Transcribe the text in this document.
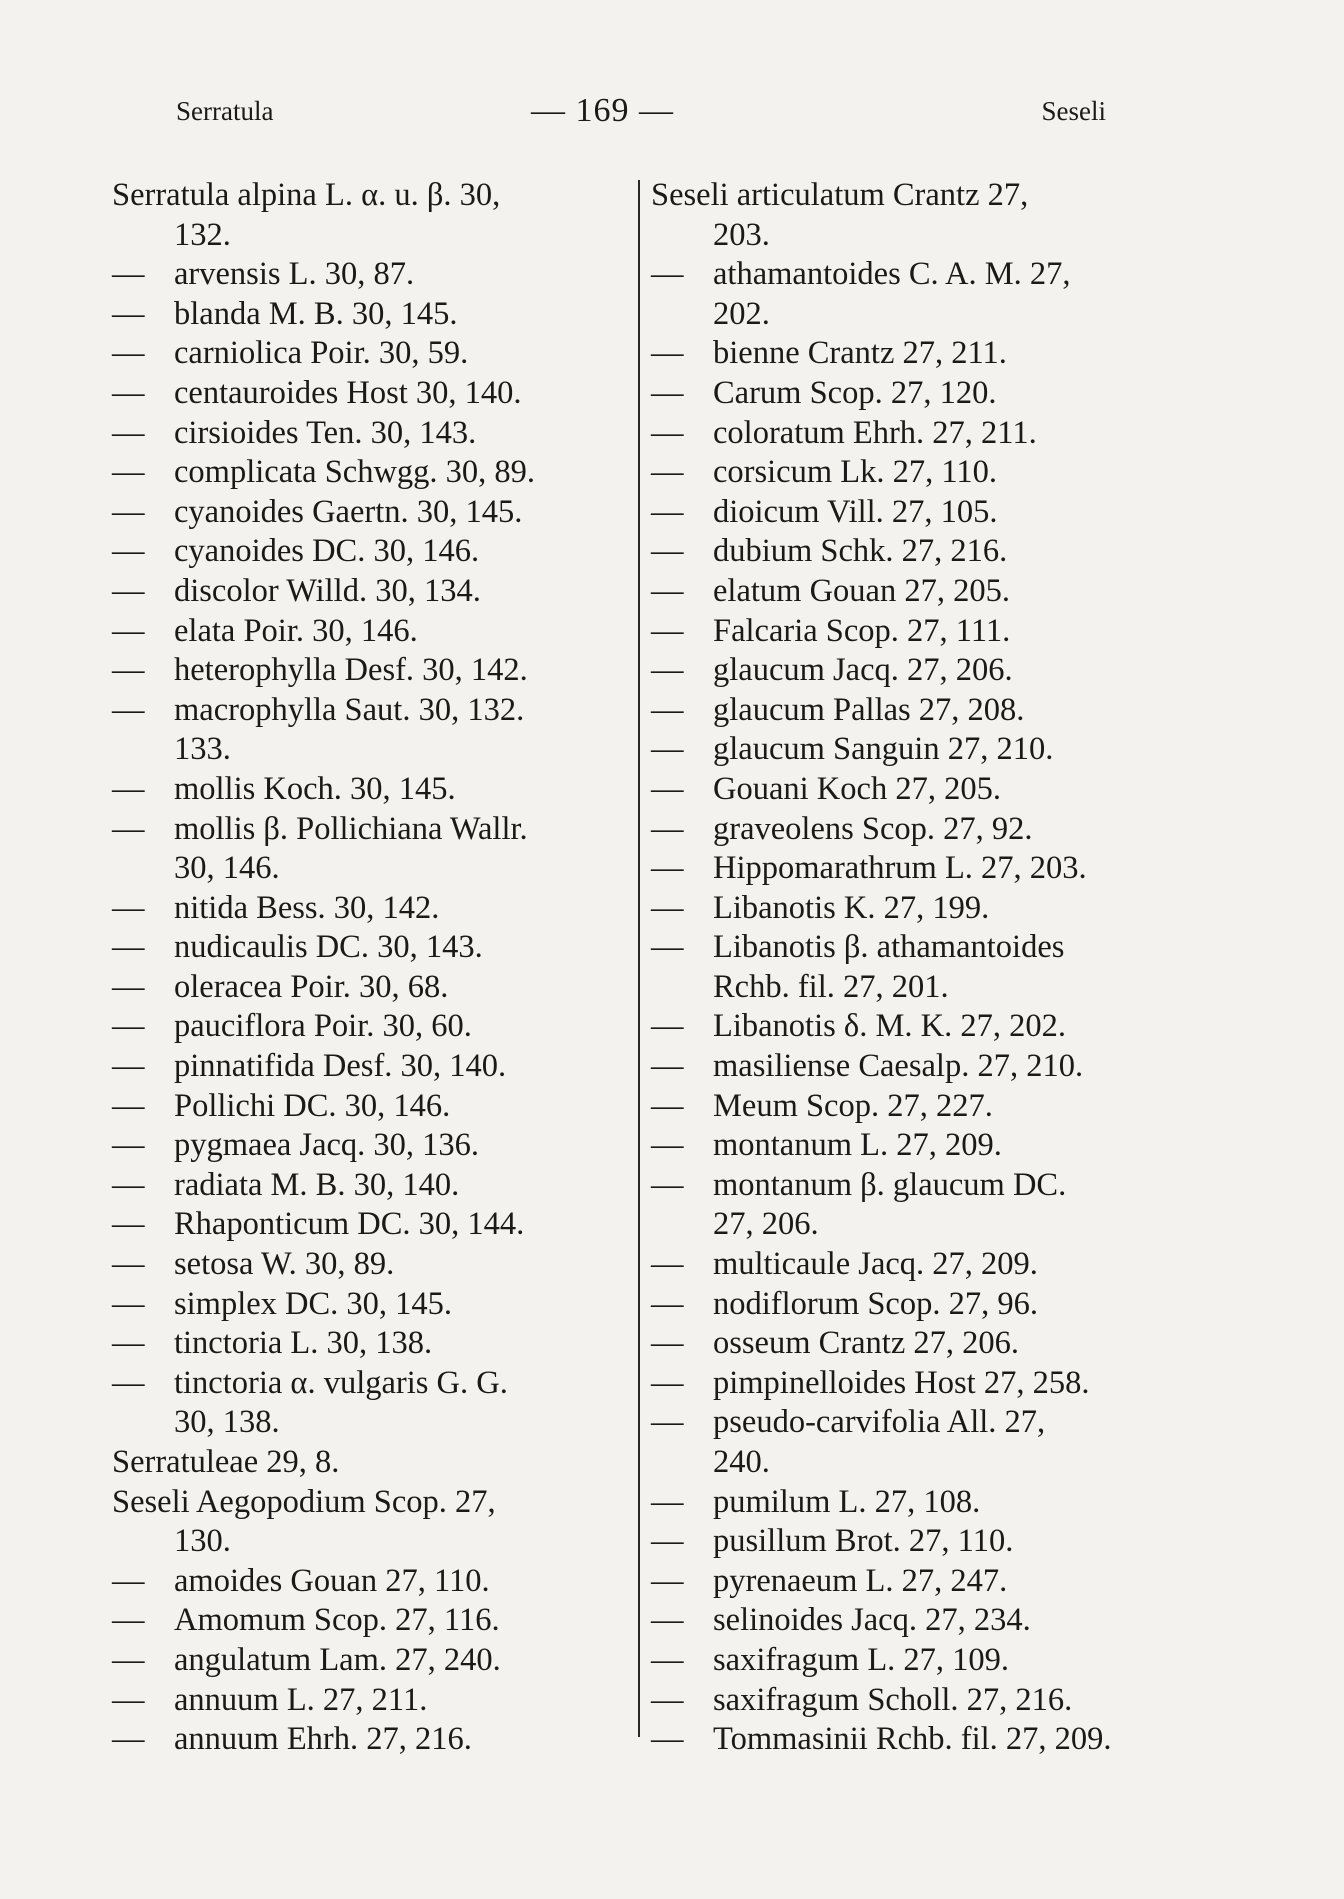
Serratula	— 169 —	Seseli
Serratula alpina L. α. u. β. 30,
132.
— arvensis L. 30, 87.
— blanda M. B. 30, 145.
— carniolica Poir. 30, 59.
— centauroides Host 30, 140.
— cirsioides Ten. 30, 143.
— complicata Schwgg. 30, 89.
— cyanoides Gaertn. 30, 145.
— cyanoides DC. 30, 146.
— discolor Willd. 30, 134.
— elata Poir. 30, 146.
— heterophylla Desf. 30, 142.
— macrophylla Saut. 30, 132.
133.
— mollis Koch. 30, 145.
— mollis β. Pollichiana Wallr.
30, 146.
— nitida Bess. 30, 142.
— nudicaulis DC. 30, 143.
— oleracea Poir. 30, 68.
— pauciflora Poir. 30, 60.
— pinnatifida Desf. 30, 140.
— Pollichi DC. 30, 146.
— pygmaea Jacq. 30, 136.
— radiata M. B. 30, 140.
— Rhaponticum DC. 30, 144.
— setosa W. 30, 89.
— simplex DC. 30, 145.
— tinctoria L. 30, 138.
— tinctoria α. vulgaris G. G.
30, 138.
Serratuleae 29, 8.
Seseli Aegopodium Scop. 27,
130.
— amoides Gouan 27, 110.
— Amomum Scop. 27, 116.
— angulatum Lam. 27, 240.
— annuum L. 27, 211.
— annuum Ehrh. 27, 216.
Seseli articulatum Crantz 27,
203.
— athamantoides C. A. M. 27,
202.
— bienne Crantz 27, 211.
— Carum Scop. 27, 120.
— coloratum Ehrh. 27, 211.
— corsicum Lk. 27, 110.
— dioicum Vill. 27, 105.
— dubium Schk. 27, 216.
— elatum Gouan 27, 205.
— Falcaria Scop. 27, 111.
— glaucum Jacq. 27, 206.
— glaucum Pallas 27, 208.
— glaucum Sanguin 27, 210.
— Gouani Koch 27, 205.
— graveolens Scop. 27, 92.
— Hippomarathrum L. 27, 203.
— Libanotis K. 27, 199.
— Libanotis β. athamantoides
Rchb. fil. 27, 201.
— Libanotis δ. M. K. 27, 202.
— masiliense Caesalp. 27, 210.
— Meum Scop. 27, 227.
— montanum L. 27, 209.
— montanum β. glaucum DC.
27, 206.
— multicaule Jacq. 27, 209.
— nodiflorum Scop. 27, 96.
— osseum Crantz 27, 206.
— pimpinelloides Host 27, 258.
— pseudo-carvifolia All. 27,
240.
— pumilum L. 27, 108.
— pusillum Brot. 27, 110.
— pyrenaeum L. 27, 247.
— selinoides Jacq. 27, 234.
— saxifragum L. 27, 109.
— saxifragum Scholl. 27, 216.
— Tommasinii Rchb. fil. 27, 209.
